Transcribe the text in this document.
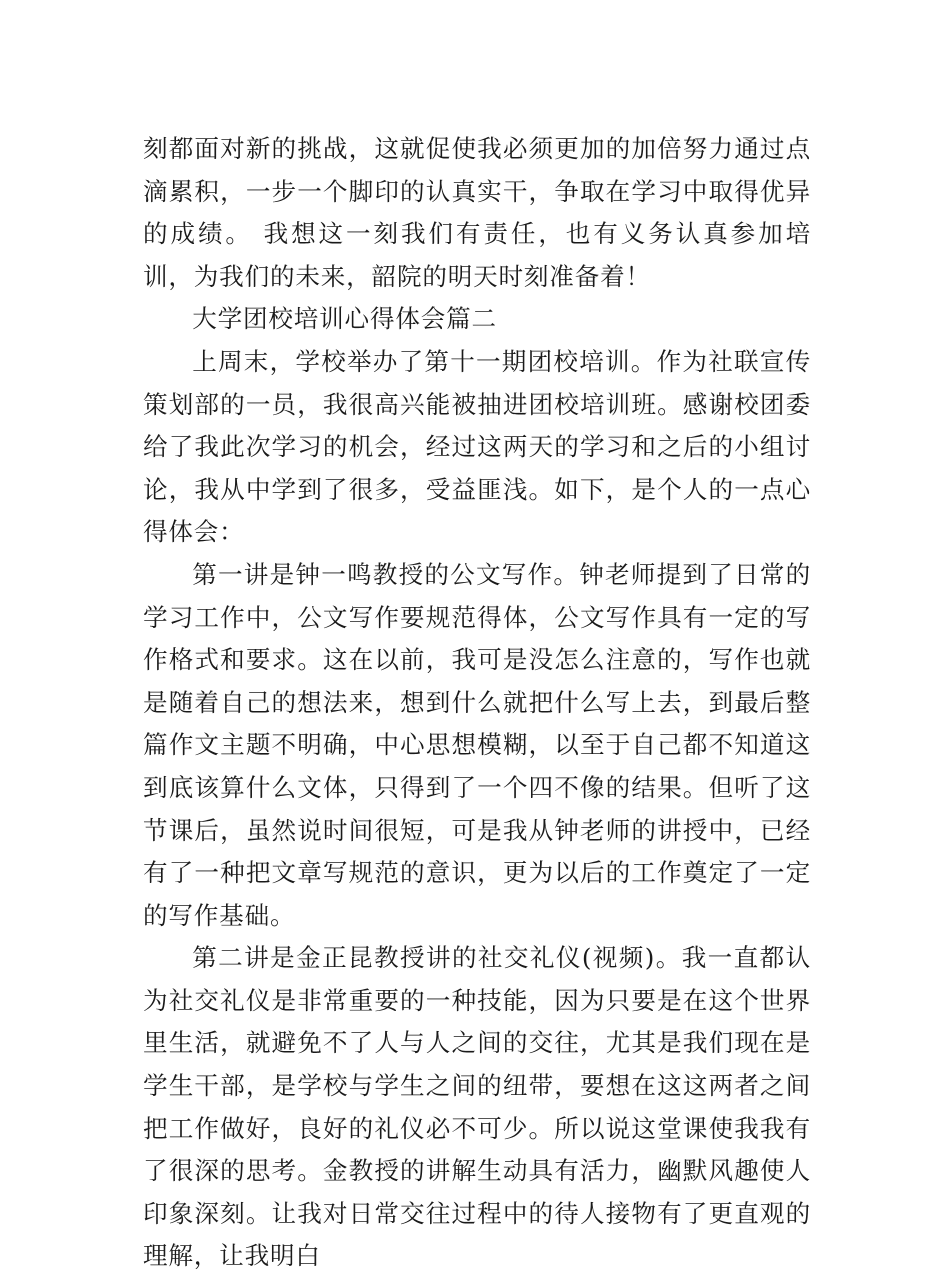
刻都面对新的挑战，这就促使我必须更加的加倍努力通过点滴累积，一步一个脚印的认真实干，争取在学习中取得优异的成绩。 我想这一刻我们有责任，也有义务认真参加培训，为我们的未来，韶院的明天时刻准备着！

大学团校培训心得体会篇二

上周末，学校举办了第十一期团校培训。作为社联宣传策划部的一员，我很高兴能被抽进团校培训班。感谢校团委给了我此次学习的机会，经过这两天的学习和之后的小组讨论，我从中学到了很多，受益匪浅。如下，是个人的一点心得体会：

第一讲是钟一鸣教授的公文写作。钟老师提到了日常的学习工作中，公文写作要规范得体，公文写作具有一定的写作格式和要求。这在以前，我可是没怎么注意的，写作也就是随着自己的想法来，想到什么就把什么写上去，到最后整篇作文主题不明确，中心思想模糊，以至于自己都不知道这到底该算什么文体，只得到了一个四不像的结果。但听了这节课后，虽然说时间很短，可是我从钟老师的讲授中，已经有了一种把文章写规范的意识，更为以后的工作奠定了一定的写作基础。

第二讲是金正昆教授讲的社交礼仪(视频)。我一直都认为社交礼仪是非常重要的一种技能，因为只要是在这个世界里生活，就避免不了人与人之间的交往，尤其是我们现在是学生干部，是学校与学生之间的纽带，要想在这这两者之间把工作做好，良好的礼仪必不可少。所以说这堂课使我我有了很深的思考。金教授的讲解生动具有活力，幽默风趣使人印象深刻。让我对日常交往过程中的待人接物有了更直观的理解，让我明白
